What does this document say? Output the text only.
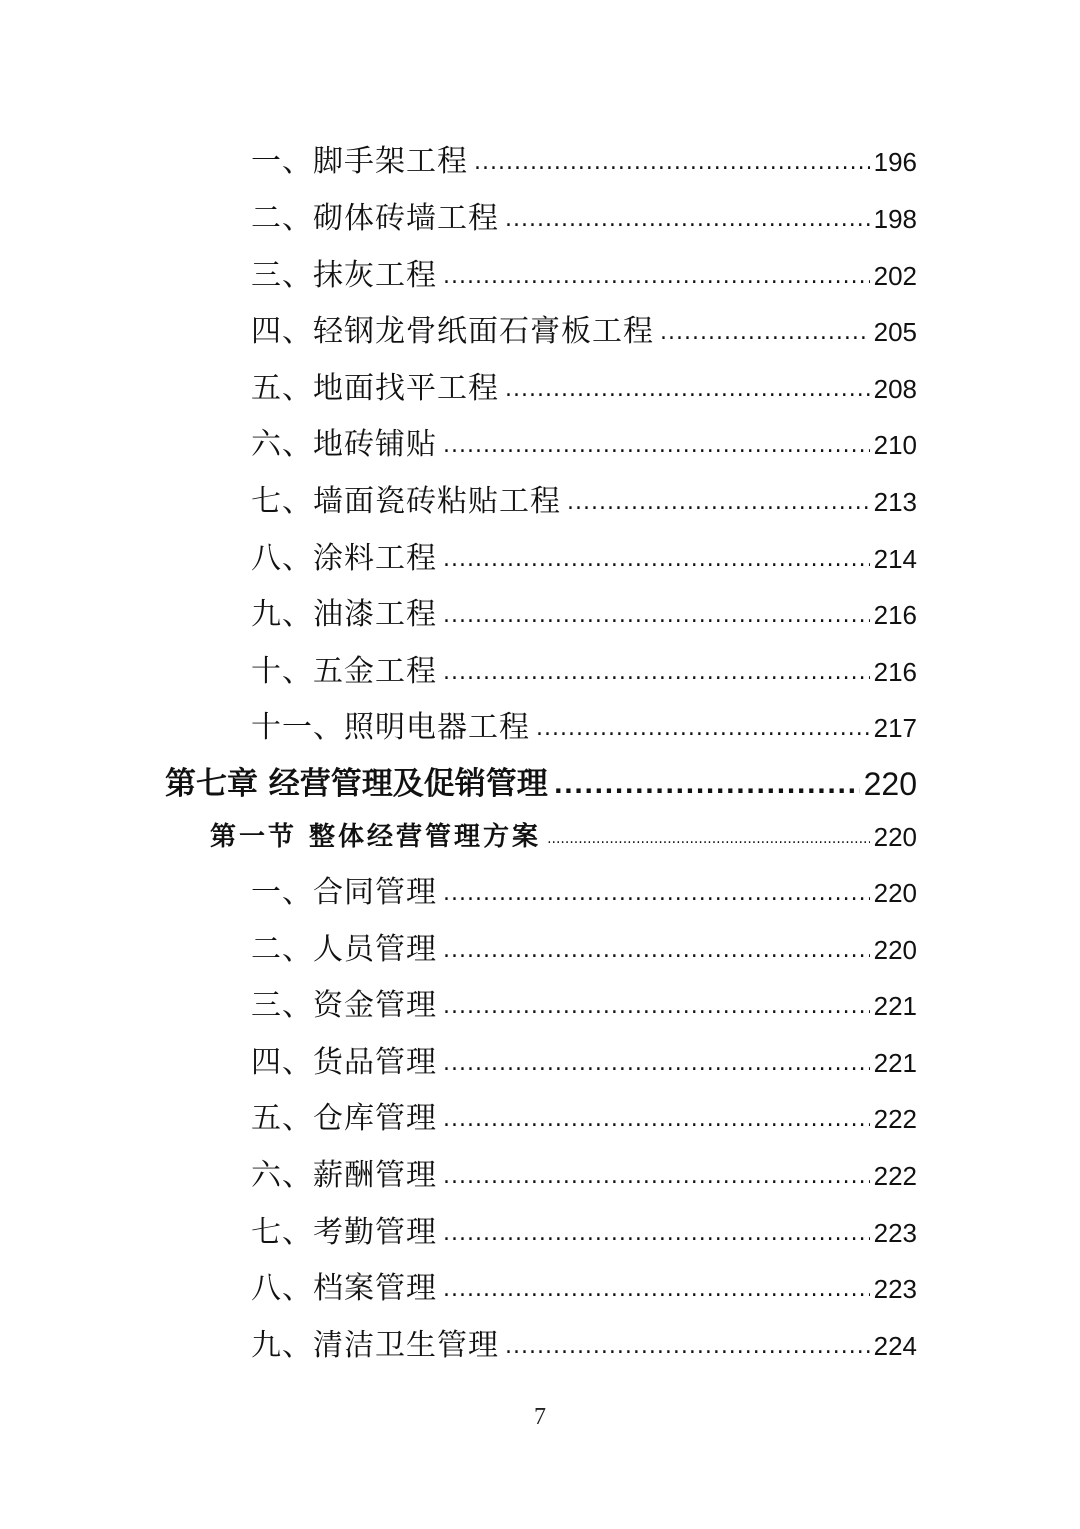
一、脚手架工程 .....	196
二、砌体砖墙工程 .....	198
三、抹灰工程 .....	202
四、轻钢龙骨纸面石膏板工程 .....	205
五、地面找平工程 .....	208
六、地砖铺贴 .....	210
七、墙面瓷砖粘贴工程 .....	213
八、涂料工程 .....	214
九、油漆工程 .....	216
十、五金工程 .....	216
十一、照明电器工程 .....	217
第七章 经营管理及促销管理 .....	220
第一节 整体经营管理方案 .....	220
一、合同管理 .....	220
二、人员管理 .....	220
三、资金管理 .....	221
四、货品管理 .....	221
五、仓库管理 .....	222
六、薪酬管理 .....	222
七、考勤管理 .....	223
八、档案管理 .....	223
九、清洁卫生管理 .....	224
7
